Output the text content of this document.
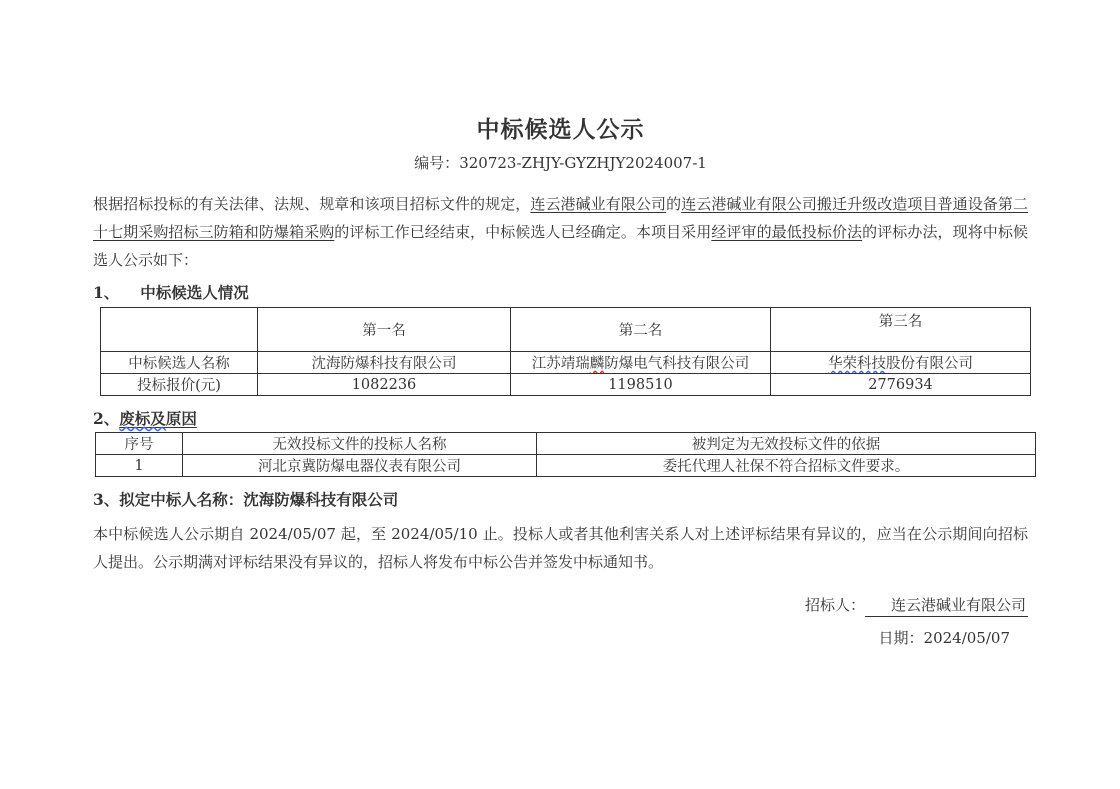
中标候选人公示
编号：320723-ZHJY-GYZHJY2024007-1

根据招标投标的有关法律、法规、规章和该项目招标文件的规定，连云港碱业有限公司的连云港碱业有限公司搬迁升级改造项目普通设备第二十七期采购招标三防箱和防爆箱采购的评标工作已经结束，中标候选人已经确定。本项目采用经评审的最低投标价法的评标办法，现将中标候选人公示如下：

1、 中标候选人情况
	第一名	第二名	第三名
中标候选人名称	沈海防爆科技有限公司	江苏靖瑞麟防爆电气科技有限公司	华荣科技股份有限公司
投标报价(元)	1082236	1198510	2776934
2、废标及原因
序号	无效投标文件的投标人名称	被判定为无效投标文件的依据
1	河北京冀防爆电器仪表有限公司	委托代理人社保不符合招标文件要求。
3、拟定中标人名称：沈海防爆科技有限公司

本中标候选人公示期自 2024/05/07 起，至 2024/05/10 止。投标人或者其他利害关系人对上述评标结果有异议的，应当在公示期间向招标人提出。公示期满对评标结果没有异议的，招标人将发布中标公告并签发中标通知书。

招标人： 连云港碱业有限公司
日期：2024/05/07
